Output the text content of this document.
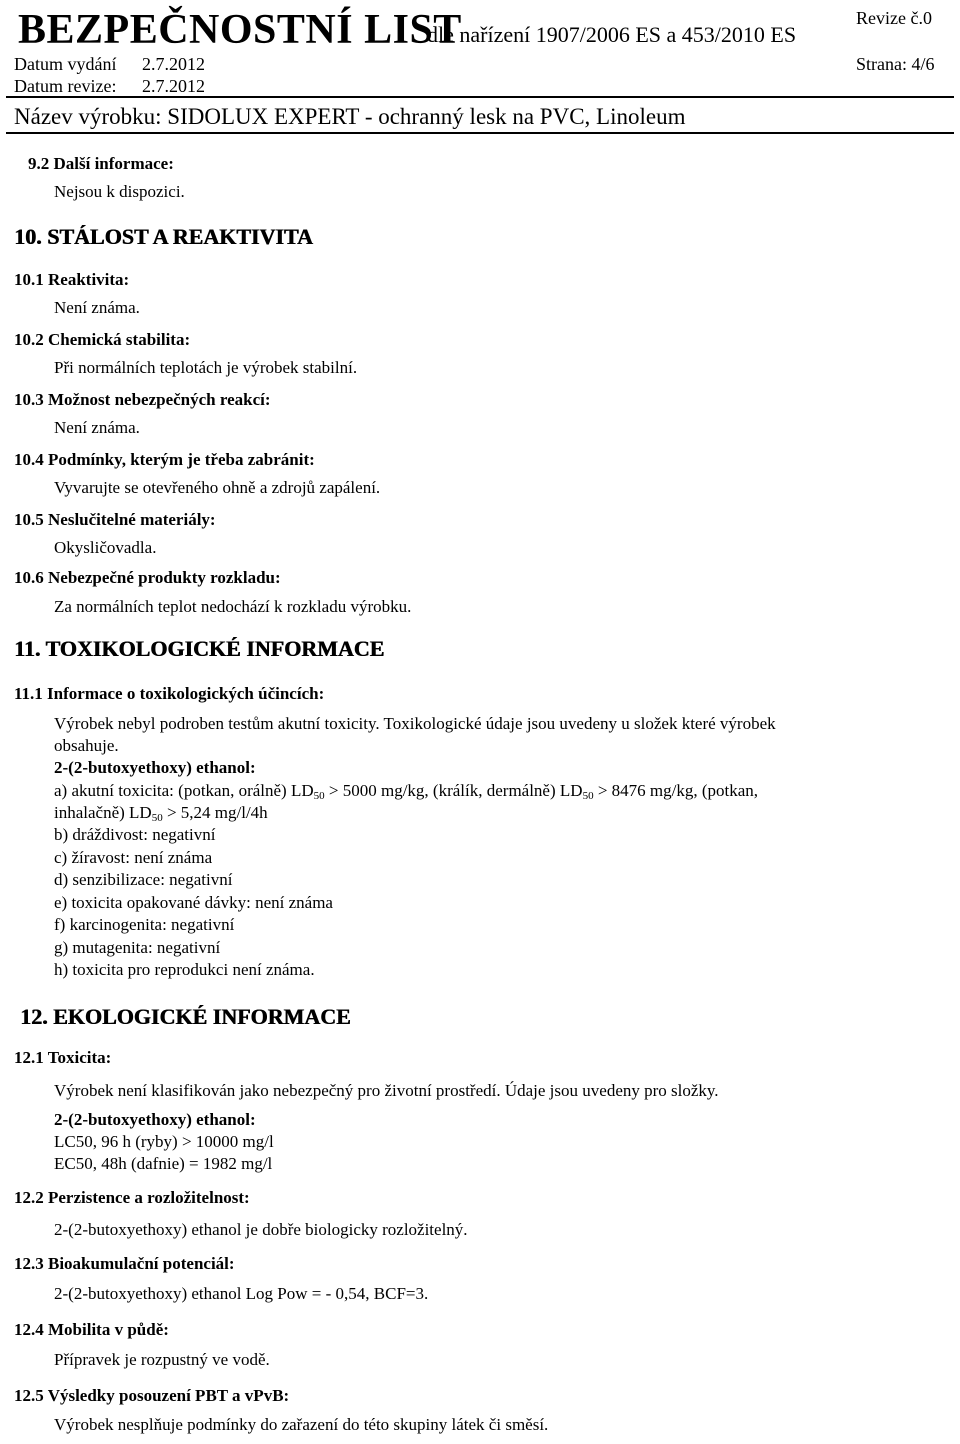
BEZPEČNOSTNÍ LIST
dle nařízení 1907/2006 ES a 453/2010 ES
Revize č.0
Datum vydání 2.7.2012
Datum revize: 2.7.2012
Strana: 4/6
Název výrobku: SIDOLUX EXPERT - ochranný lesk na PVC, Linoleum
9.2 Další informace:
Nejsou k dispozici.
10. STÁLOST A REAKTIVITA
10.1 Reaktivita:
Není známa.
10.2 Chemická stabilita:
Při normálních teplotách je výrobek stabilní.
10.3 Možnost nebezpečných reakcí:
Není známa.
10.4 Podmínky, kterým je třeba zabránit:
Vyvarujte se otevřeného ohně a zdrojů zapálení.
10.5 Neslučitelné materiály:
Okysličovadla.
10.6 Nebezpečné produkty rozkladu:
Za normálních teplot nedochází k rozkladu výrobku.
11. TOXIKOLOGICKÉ INFORMACE
11.1 Informace o toxikologických účincích:
Výrobek nebyl podroben testům akutní toxicity. Toxikologické údaje jsou uvedeny u složek které výrobek
obsahuje.
2-(2-butoxyethoxy) ethanol:
a) akutní toxicita: (potkan, orálně) $LD_{50} > 5000$ mg/kg, (králík, dermálně) $LD_{50} > 8476$ mg/kg, (potkan,
inhalačně) $LD_{50} > 5,24$ mg/l/4h
b) dráždivost: negativní
c) žíravost: není známa
d) senzibilizace: negativní
e) toxicita opakované dávky: není známa
f) karcinogenita: negativní
g) mutagenita: negativní
h) toxicita pro reprodukci není známa.
12. EKOLOGICKÉ INFORMACE
12.1 Toxicita:
Výrobek není klasifikován jako nebezpečný pro životní prostředí. Údaje jsou uvedeny pro složky.
2-(2-butoxyethoxy) ethanol:
LC50, 96 h (ryby) > 10000 mg/l
EC50, 48h (dafnie) = 1982 mg/l
12.2 Perzistence a rozložitelnost:
2-(2-butoxyethoxy) ethanol je dobře biologicky rozložitelný.
12.3 Bioakumulační potenciál:
2-(2-butoxyethoxy) ethanol Log Pow = - 0,54, BCF=3.
12.4 Mobilita v půdě:
Přípravek je rozpustný ve vodě.
12.5 Výsledky posouzení PBT a vPvB:
Výrobek nesplňuje podmínky do zařazení do této skupiny látek či směsí.
